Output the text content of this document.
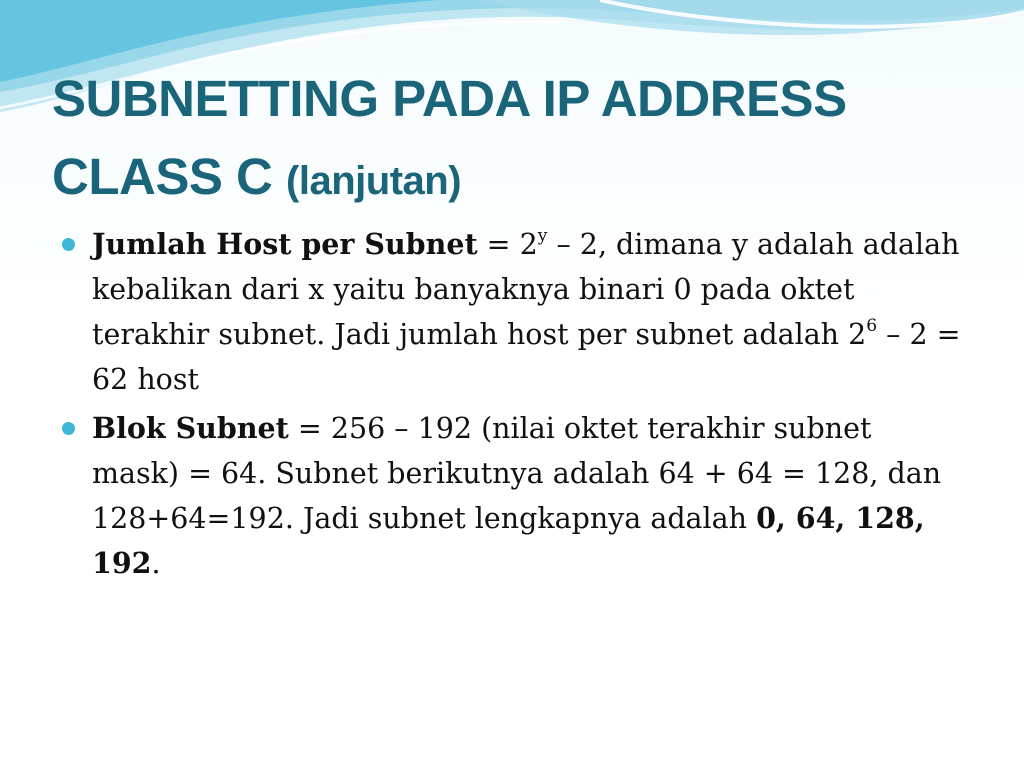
SUBNETTING PADA IP ADDRESS
CLASS C (lanjutan)
Jumlah Host per Subnet = $2^y - 2$, dimana y adalah adalah kebalikan dari x yaitu banyaknya binari 0 pada oktet terakhir subnet. Jadi jumlah host per subnet adalah $2^6 - 2 = 62$ host
Blok Subnet = 256 – 192 (nilai oktet terakhir subnet mask) = 64. Subnet berikutnya adalah 64 + 64 = 128, dan 128+64=192. Jadi subnet lengkapnya adalah 0, 64, 128, 192.
